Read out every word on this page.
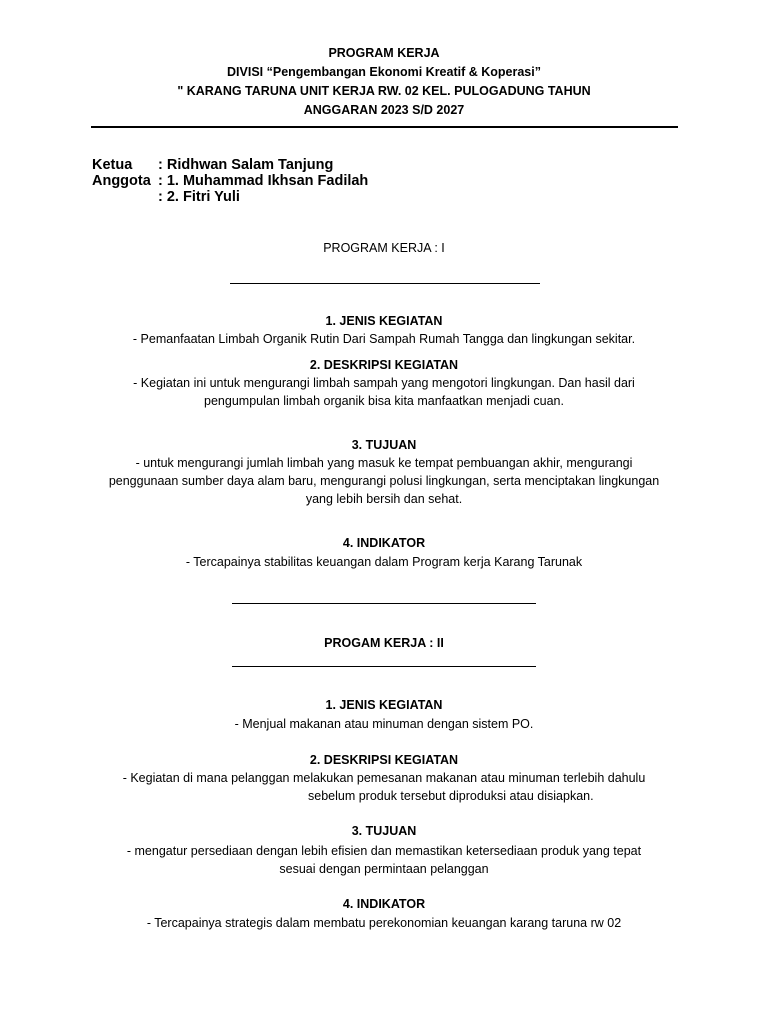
PROGRAM KERJA
DIVISI “Pengembangan Ekonomi Kreatif & Koperasi”
" KARANG TARUNA UNIT KERJA RW. 02 KEL. PULOGADUNG TAHUN
ANGGARAN 2023 S/D 2027
Ketua	: Ridhwan Salam Tanjung
Anggota : 1. Muhammad Ikhsan Fadilah
: 2. Fitri Yuli
PROGRAM KERJA : I
1. JENIS KEGIATAN
- Pemanfaatan Limbah Organik Rutin Dari Sampah Rumah Tangga dan lingkungan sekitar.
2. DESKRIPSI KEGIATAN
- Kegiatan ini untuk mengurangi limbah sampah yang mengotori lingkungan. Dan hasil dari
pengumpulan limbah organik bisa kita manfaatkan menjadi cuan.
3. TUJUAN
- untuk mengurangi jumlah limbah yang masuk ke tempat pembuangan akhir, mengurangi
penggunaan sumber daya alam baru, mengurangi polusi lingkungan, serta menciptakan lingkungan
yang lebih bersih dan sehat.
4. INDIKATOR
- Tercapainya stabilitas keuangan dalam Program kerja Karang Tarunak
PROGAM KERJA : II
1. JENIS KEGIATAN
- Menjual makanan atau minuman dengan sistem PO.
2. DESKRIPSI KEGIATAN
- Kegiatan di mana pelanggan melakukan pemesanan makanan atau minuman terlebih dahulu
sebelum produk tersebut diproduksi atau disiapkan.
3. TUJUAN
- mengatur persediaan dengan lebih efisien dan memastikan ketersediaan produk yang tepat
sesuai dengan permintaan pelanggan
4. INDIKATOR
- Tercapainya strategis dalam membatu perekonomian keuangan karang taruna rw 02
